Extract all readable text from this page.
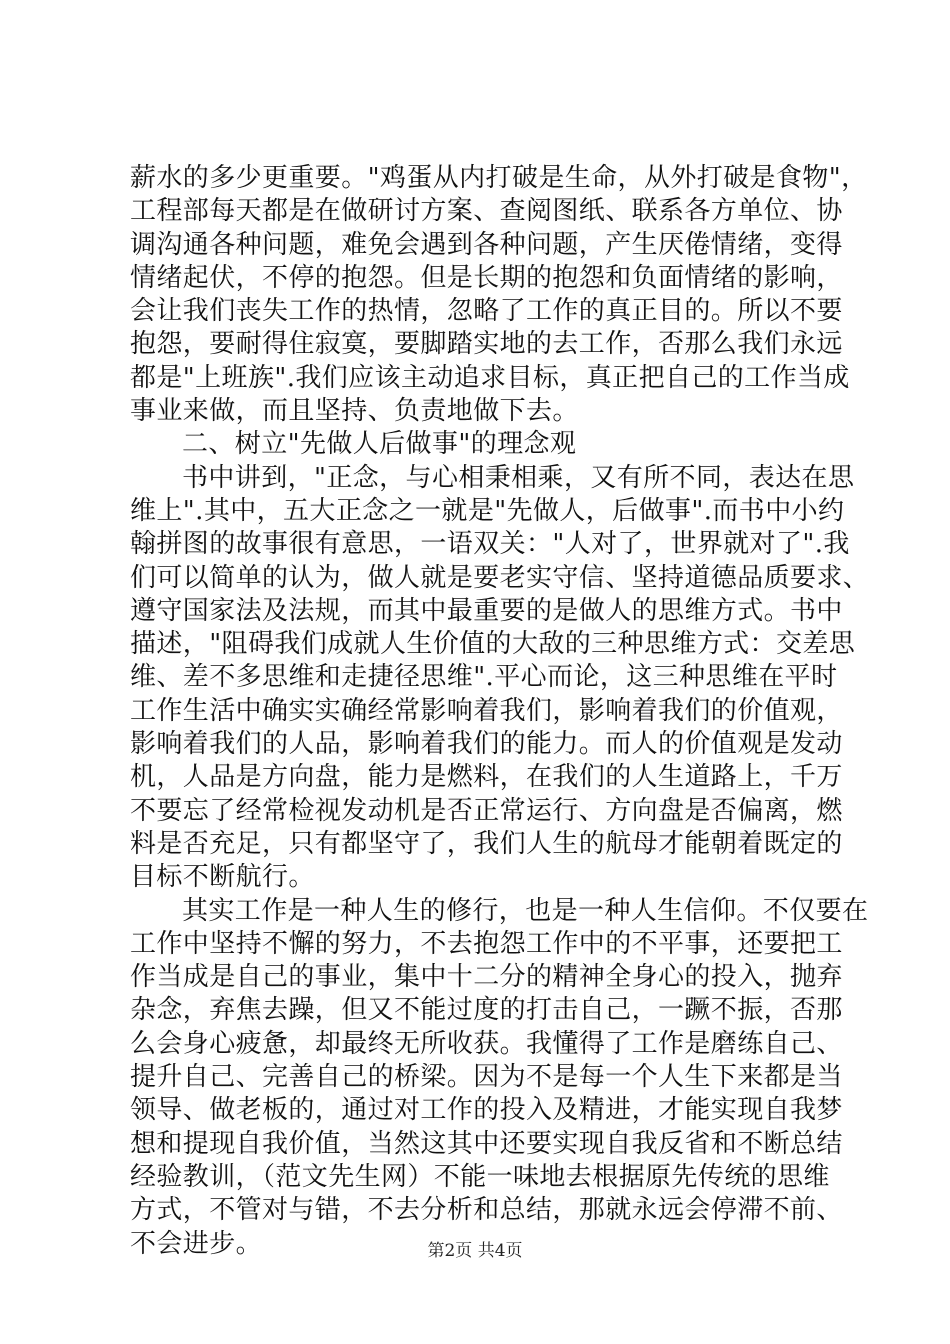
薪水的多少更重要。"鸡蛋从内打破是生命，从外打破是食物"，
工程部每天都是在做研讨方案、查阅图纸、联系各方单位、协
调沟通各种问题，难免会遇到各种问题，产生厌倦情绪，变得
情绪起伏，不停的抱怨。但是长期的抱怨和负面情绪的影响，
会让我们丧失工作的热情，忽略了工作的真正目的。所以不要
抱怨，要耐得住寂寞，要脚踏实地的去工作，否那么我们永远
都是"上班族".我们应该主动追求目标，真正把自己的工作当成
事业来做，而且坚持、负责地做下去。
二、树立"先做人后做事"的理念观
书中讲到，"正念，与心相秉相乘，又有所不同，表达在思
维上".其中，五大正念之一就是"先做人，后做事".而书中小约
翰拼图的故事很有意思，一语双关："人对了，世界就对了".我
们可以简单的认为，做人就是要老实守信、坚持道德品质要求、
遵守国家法及法规，而其中最重要的是做人的思维方式。书中
描述，"阻碍我们成就人生价值的大敌的三种思维方式：交差思
维、差不多思维和走捷径思维".平心而论，这三种思维在平时
工作生活中确实实确经常影响着我们，影响着我们的价值观，
影响着我们的人品，影响着我们的能力。而人的价值观是发动
机，人品是方向盘，能力是燃料，在我们的人生道路上，千万
不要忘了经常检视发动机是否正常运行、方向盘是否偏离，燃
料是否充足，只有都坚守了，我们人生的航母才能朝着既定的
目标不断航行。
其实工作是一种人生的修行，也是一种人生信仰。不仅要在
工作中坚持不懈的努力，不去抱怨工作中的不平事，还要把工
作当成是自己的事业，集中十二分的精神全身心的投入，抛弃
杂念，弃焦去躁，但又不能过度的打击自己，一蹶不振，否那
么会身心疲惫，却最终无所收获。我懂得了工作是磨练自己、
提升自己、完善自己的桥梁。因为不是每一个人生下来都是当
领导、做老板的，通过对工作的投入及精进，才能实现自我梦
想和提现自我价值，当然这其中还要实现自我反省和不断总结
经验教训，（范文先生网）不能一味地去根据原先传统的思维
方式，不管对与错，不去分析和总结，那就永远会停滞不前、
不会进步。	第2页 共4页
